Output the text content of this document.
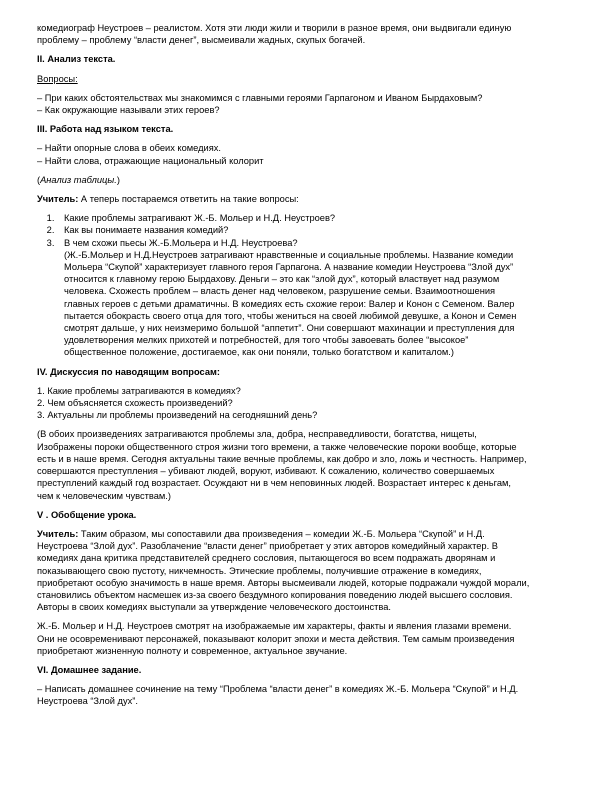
комедиограф Неустроев – реалистом. Хотя эти люди жили и творили в разное время, они выдвигали единую
проблему – проблему “власти денег”, высмеивали жадных, скупых богачей.

II. Анализ текста.

Вопросы:

– При каких обстоятельствах мы знакомимся с главными героями Гарпагоном и Иваном Бырдаховым?
– Как окружающие называли этих героев?

III. Работа над языком текста.

– Найти опорные слова в обеих комедиях.
– Найти слова, отражающие национальный колорит

(Анализ таблицы.)

Учитель: А теперь постараемся ответить на такие вопросы:

1. Какие проблемы затрагивают Ж.-Б. Мольер и Н.Д. Неустроев?
2. Как вы понимаете названия комедий?
3. В чем схожи пьесы Ж.-Б.Мольера и Н.Д. Неустроева?
(Ж.-Б.Мольер и Н.Д.Неустроев затрагивают нравственные и социальные проблемы. Название комедии
Мольера “Скупой” характеризует главного героя Гарпагона. А название комедии Неустроева “Злой дух”
относится к главному герою Бырдахову. Деньги – это как “злой дух”, который властвует над разумом
человека. Схожесть проблем – власть денег над человеком, разрушение семьи. Взаимоотношения
главных героев с детьми драматичны. В комедиях есть схожие герои: Валер и Конон с Семеном. Валер
пытается обокрасть своего отца для того, чтобы жениться на своей любимой девушке, а Конон и Семен
смотрят дальше, у них неизмеримо большой “аппетит”. Они совершают махинации и преступления для
удовлетворения мелких прихотей и потребностей, для того чтобы завоевать более “высокое”
общественное положение, достигаемое, как они поняли, только богатством и капиталом.)

IV. Дискуссия по наводящим вопросам:

1. Какие проблемы затрагиваются в комедиях?
2. Чем объясняется схожесть произведений?
3. Актуальны ли проблемы произведений на сегодняшний день?

(В обоих произведениях затрагиваются проблемы зла, добра, несправедливости, богатства, нищеты,
Изображены пороки общественного строя жизни того времени, а также человеческие пороки вообще, которые
есть и в наше время. Сегодня актуальны такие вечные проблемы, как добро и зло, ложь и честность. Например,
совершаются преступления – убивают людей, воруют, избивают. К сожалению, количество совершаемых
преступлений каждый год возрастает. Осуждают ни в чем неповинных людей. Возрастает интерес к деньгам,
чем к человеческим чувствам.)

V . Обобщение урока.

Учитель: Таким образом, мы сопоставили два произведения – комедии Ж.-Б. Мольера “Скупой” и Н.Д.
Неустроева “Злой дух”. Разоблачение “власти денег” приобретает у этих авторов комедийный характер. В
комедиях дана критика представителей среднего сословия, пытающегося во всем подражать дворянам и
показывающего свою пустоту, никчемность. Этические проблемы, получившие отражение в комедиях,
приобретают особую значимость в наше время. Авторы высмеивали людей, которые подражали чуждой морали,
становились объектом насмешек из-за своего бездумного копирования поведению людей высшего сословия.
Авторы в своих комедиях выступали за утверждение человеческого достоинства.

Ж.-Б. Мольер и Н.Д. Неустроев смотрят на изображаемые им характеры, факты и явления глазами времени.
Они не осовременивают персонажей, показывают колорит эпохи и места действия. Тем самым произведения
приобретают жизненную полноту и современное, актуальное звучание.

VI. Домашнее задание.

– Написать домашнее сочинение на тему “Проблема “власти денег” в комедиях Ж.-Б. Мольера “Скупой” и Н.Д.
Неустроева “Злой дух”.
